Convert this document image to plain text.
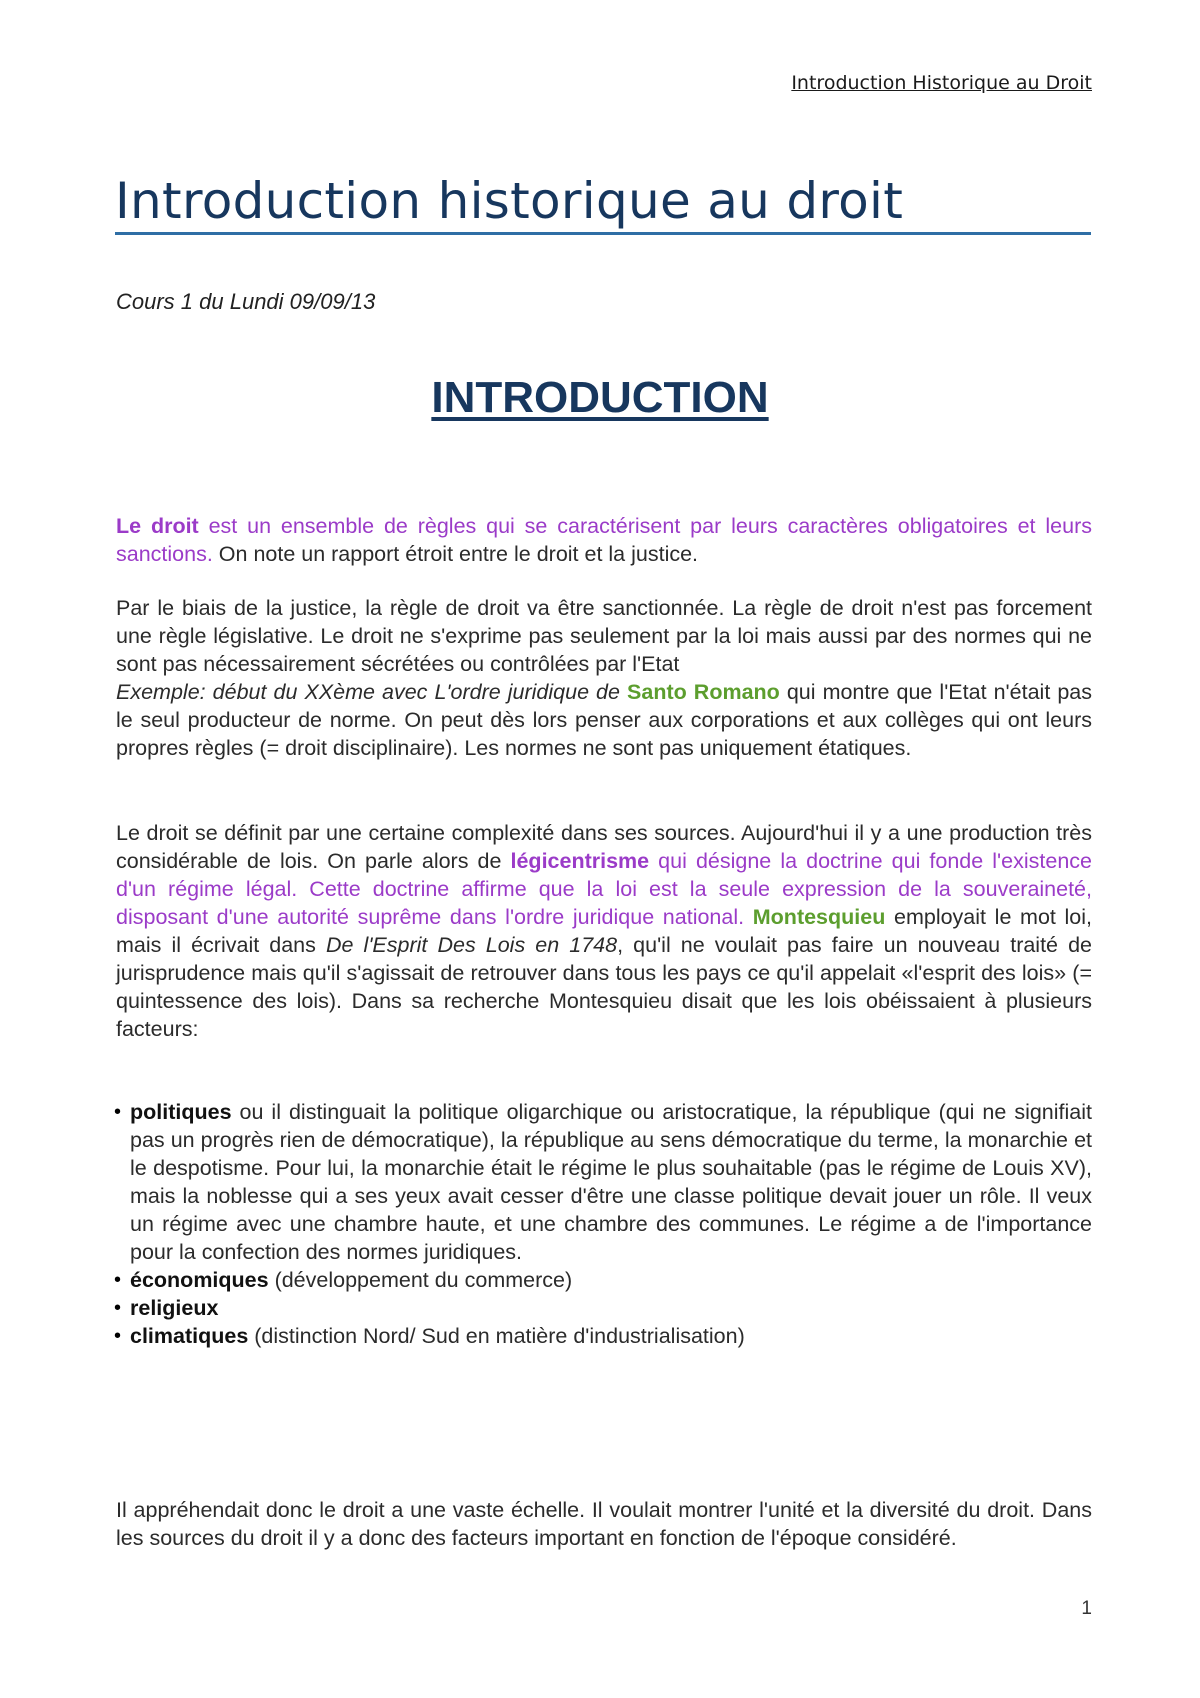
Introduction Historique au Droit
Introduction historique au droit
Cours 1 du Lundi 09/09/13
INTRODUCTION
Le droit est un ensemble de règles qui se caractérisent par leurs caractères obligatoires et leurs sanctions. On note un rapport étroit entre le droit et la justice.
Par le biais de la justice, la règle de droit va être sanctionnée. La règle de droit n'est pas forcement une règle législative. Le droit ne s'exprime pas seulement par la loi mais aussi par des normes qui ne sont pas nécessairement sécrétées ou contrôlées par l'Etat
Exemple: début du XXème avec L'ordre juridique de Santo Romano qui montre que l'Etat n'était pas le seul producteur de norme. On peut dès lors penser aux corporations et aux collèges qui ont leurs propres règles (= droit disciplinaire). Les normes ne sont pas uniquement étatiques.
Le droit se définit par une certaine complexité dans ses sources. Aujourd'hui il y a une production très considérable de lois. On parle alors de légicentrisme qui désigne la doctrine qui fonde l'existence d'un régime légal. Cette doctrine affirme que la loi est la seule expression de la souveraineté, disposant d'une autorité suprême dans l'ordre juridique national. Montesquieu employait le mot loi, mais il écrivait dans De l'Esprit Des Lois en 1748, qu'il ne voulait pas faire un nouveau traité de jurisprudence mais qu'il s'agissait de retrouver dans tous les pays ce qu'il appelait «l'esprit des lois» (= quintessence des lois). Dans sa recherche Montesquieu disait que les lois obéissaient à plusieurs facteurs:
• politiques ou il distinguait la politique oligarchique ou aristocratique, la république (qui ne signifiait pas un progrès rien de démocratique), la république au sens démocratique du terme, la monarchie et le despotisme. Pour lui, la monarchie était le régime le plus souhaitable (pas le régime de Louis XV), mais la noblesse qui a ses yeux avait cesser d'être une classe politique devait jouer un rôle. Il veux un régime avec une chambre haute, et une chambre des communes. Le régime a de l'importance pour la confection des normes juridiques.
• économiques (développement du commerce)
• religieux
• climatiques (distinction Nord/ Sud en matière d'industrialisation)
Il appréhendait donc le droit a une vaste échelle. Il voulait montrer l'unité et la diversité du droit. Dans les sources du droit il y a donc des facteurs important en fonction de l'époque considéré.
1
